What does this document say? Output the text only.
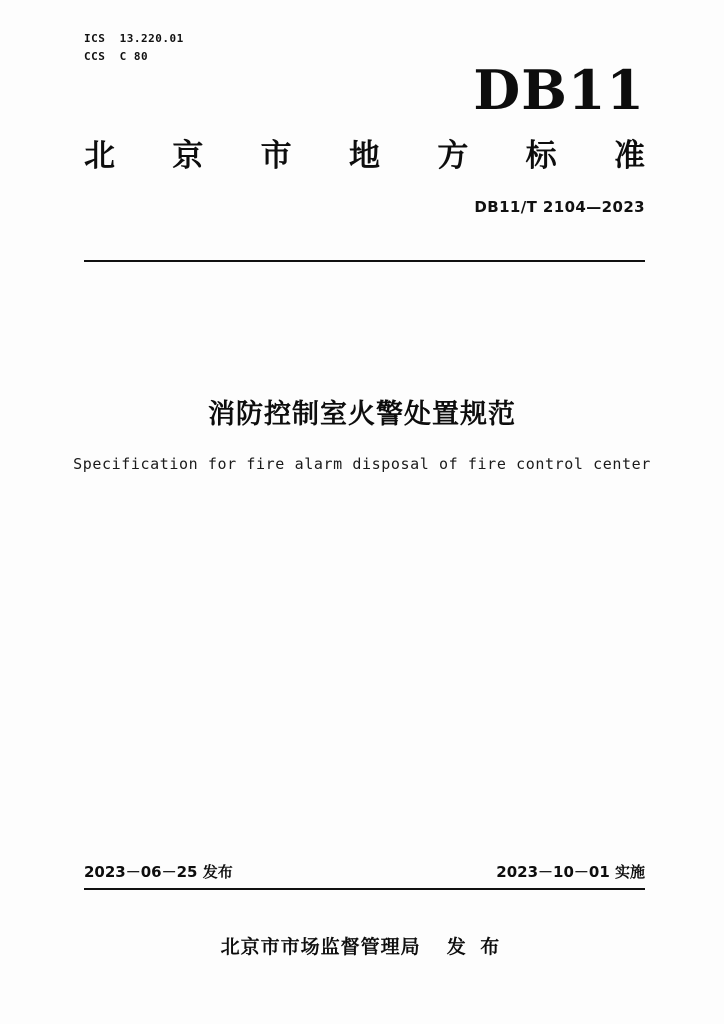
ICS 13.220.01
CCS C 80
DB11
北 京 市 地 方 标 准
DB11/T 2104—2023
消防控制室火警处置规范
Specification for fire alarm disposal of fire control center
2023－06－25 发布	2023－10－01 实施
北京市市场监督管理局 发 布
